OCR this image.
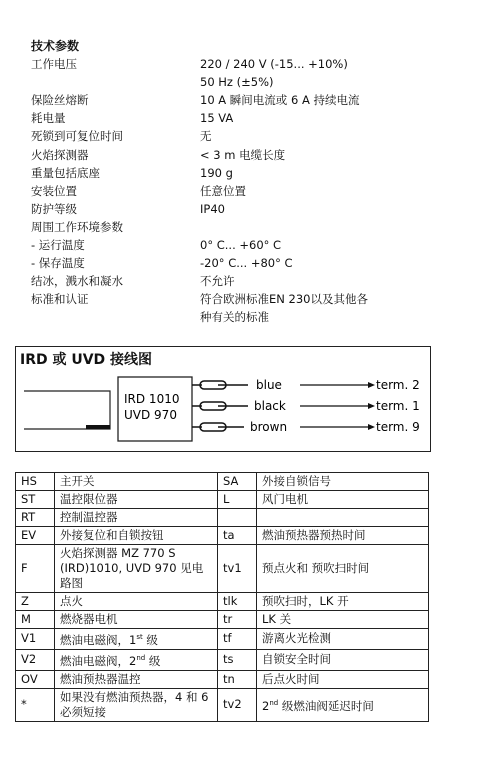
技术参数
工作电压	220 / 240 V (-15... +10%)
50 Hz (±5%)
保险丝熔断	10 A 瞬间电流或 6 A 持续电流
耗电量	15 VA
死锁到可复位时间	无
火焰探测器	< 3 m 电缆长度
重量包括底座	190 g
安装位置	任意位置
防护等级	IP40
周围工作环境参数
- 运行温度	0° C... +60° C
- 保存温度	-20° C... +80° C
结冰，溅水和凝水	不允许
标准和认证	符合欧洲标准EN 230以及其他各
种有关的标准
IRD 或 UVD 接线图
IRD 1010
UVD 970
blue	term. 2
black	term. 1
brown	term. 9
HS	主开关	SA	外接自锁信号
ST	温控限位器	L	风门电机
RT	控制温控器		
EV	外接复位和自锁按钮	ta	燃油预热器预热时间
F	火焰探测器 MZ 770 S (IRD)1010, UVD 970 见电路图	tv1	预点火和 预吹扫时间
Z	点火	tlk	预吹扫时，LK 开
M	燃烧器电机	tr	LK 关
V1	燃油电磁阀，1st 级	tf	游离火光检测
V2	燃油电磁阀，2nd 级	ts	自锁安全时间
OV	燃油预热器温控	tn	后点火时间
*	如果没有燃油预热器，4 和 6 必须短接	tv2	2nd 级燃油阀延迟时间
